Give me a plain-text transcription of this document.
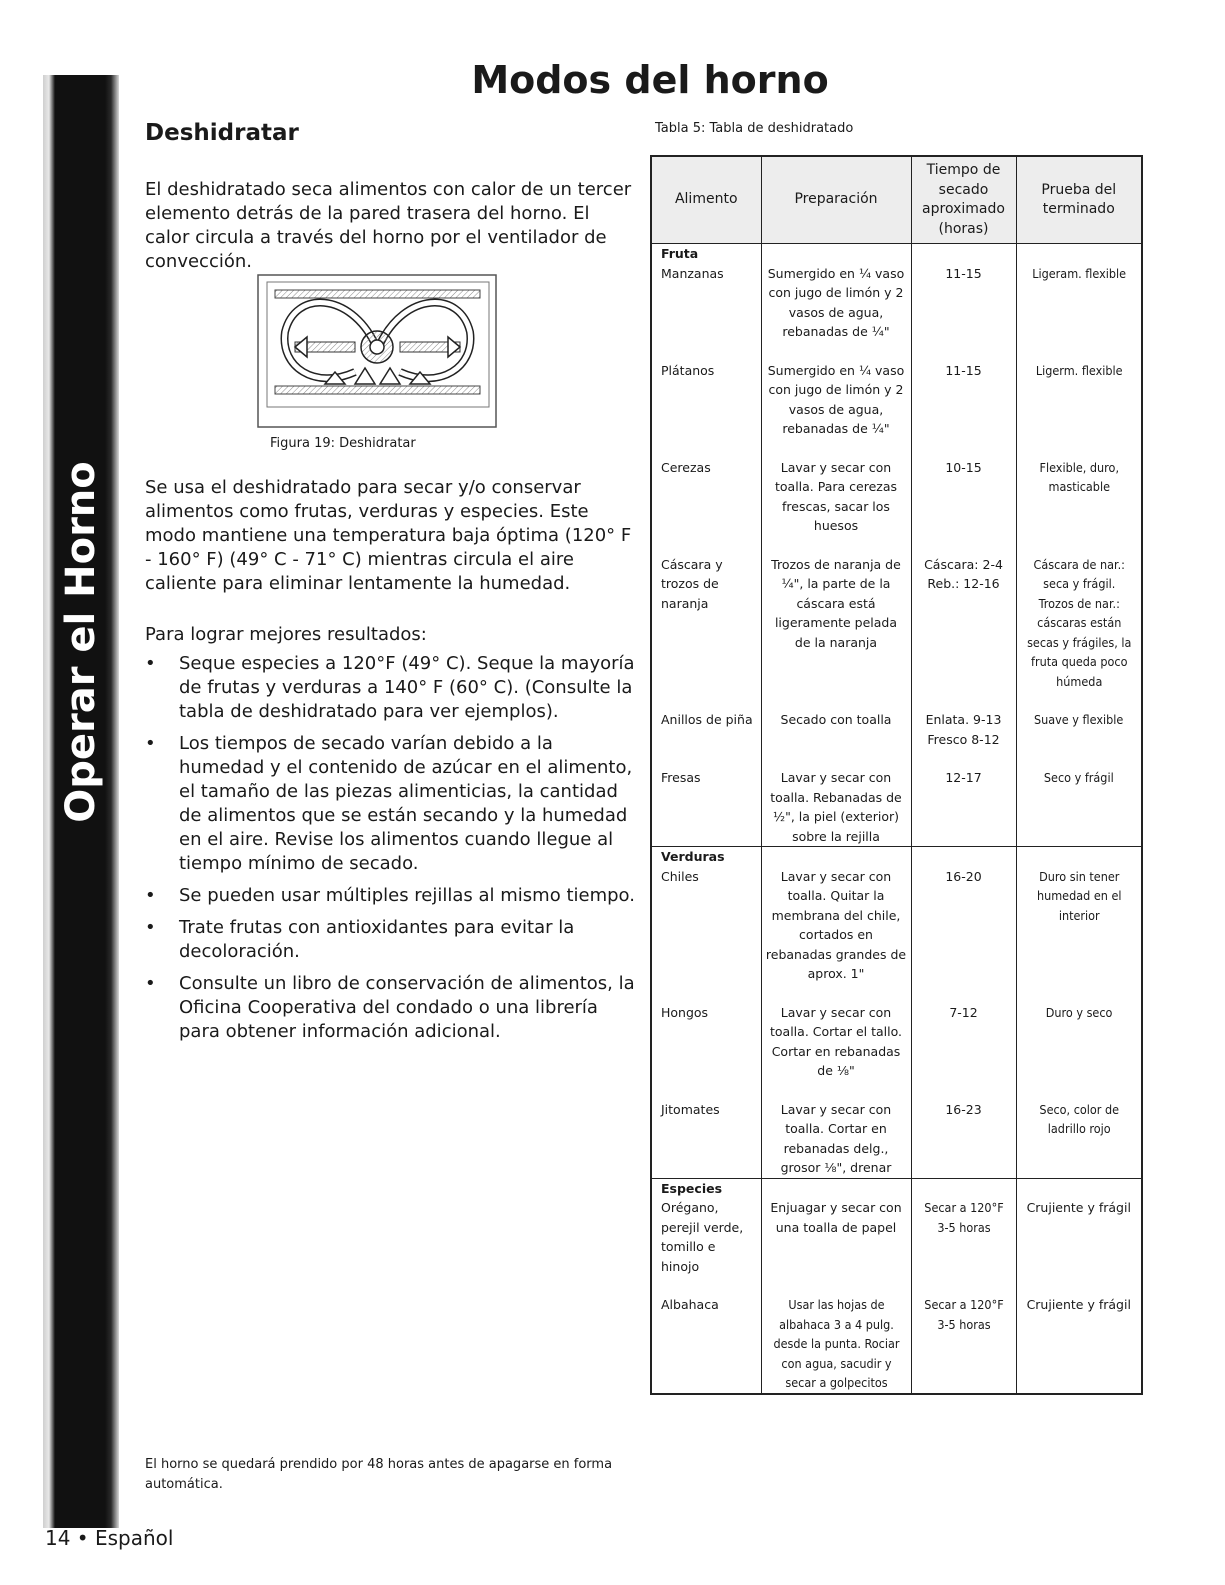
Operar el Horno
Modos del horno
Deshidratar

El deshidratado seca alimentos con calor de un tercer elemento detrás de la pared trasera del horno. El calor circula a través del horno por el ventilador de convección.

Figura 19: Deshidratar

Se usa el deshidratado para secar y/o conservar alimentos como frutas, verduras y especies. Este modo mantiene una temperatura baja óptima (120° F - 160° F) (49° C - 71° C) mientras circula el aire caliente para eliminar lentamente la humedad.

Para lograr mejores resultados:

• Seque especies a 120°F (49° C). Seque la mayoría de frutas y verduras a 140° F (60° C). (Consulte la tabla de deshidratado para ver ejemplos).
• Los tiempos de secado varían debido a la humedad y el contenido de azúcar en el alimento, el tamaño de las piezas alimenticias, la cantidad de alimentos que se están secando y la humedad en el aire. Revise los alimentos cuando llegue al tiempo mínimo de secado.
• Se pueden usar múltiples rejillas al mismo tiempo.
• Trate frutas con antioxidantes para evitar la decoloración.
• Consulte un libro de conservación de alimentos, la Oficina Cooperativa del condado o una librería para obtener información adicional.

El horno se quedará prendido por 48 horas antes de apagarse en forma automática.

14 • Español

Tabla 5: Tabla de deshidratado

Alimento	Preparación	Tiempo de secado aproximado (horas)	Prueba del terminado

Fruta
Manzanas	Sumergido en ¼ vaso con jugo de limón y 2 vasos de agua, rebanadas de ¼"	11-15	Ligeram. flexible

Plátanos	Sumergido en ¼ vaso con jugo de limón y 2 vasos de agua, rebanadas de ¼"	11-15	Ligerm. flexible

Cerezas	Lavar y secar con toalla. Para cerezas frescas, sacar los huesos	10-15	Flexible, duro, masticable

Cáscara y trozos de naranja	Trozos de naranja de ¼", la parte de la cáscara está ligeramente pelada de la naranja	Cáscara: 2-4 Reb.: 12-16	Cáscara de nar.: seca y frágil. Trozos de nar.: cáscaras están secas y frágiles, la fruta queda poco húmeda

Anillos de piña	Secado con toalla	Enlata. 9-13 Fresco 8-12	Suave y flexible

Fresas	Lavar y secar con toalla. Rebanadas de ½", la piel (exterior) sobre la rejilla	12-17	Seco y frágil

Verduras
Chiles	Lavar y secar con toalla. Quitar la membrana del chile, cortados en rebanadas grandes de aprox. 1"	16-20	Duro sin tener humedad en el interior

Hongos	Lavar y secar con toalla. Cortar el tallo. Cortar en rebanadas de ⅛"	7-12	Duro y seco

Jitomates	Lavar y secar con toalla. Cortar en rebanadas delg., grosor ⅛", drenar	16-23	Seco, color de ladrillo rojo

Especies
Orégano, perejil verde, tomillo e hinojo	Enjuagar y secar con una toalla de papel	Secar a 120°F 3-5 horas	Crujiente y frágil

Albahaca	Usar las hojas de albahaca 3 a 4 pulg. desde la punta. Rociar con agua, sacudir y secar a golpecitos	Secar a 120°F 3-5 horas	Crujiente y frágil
